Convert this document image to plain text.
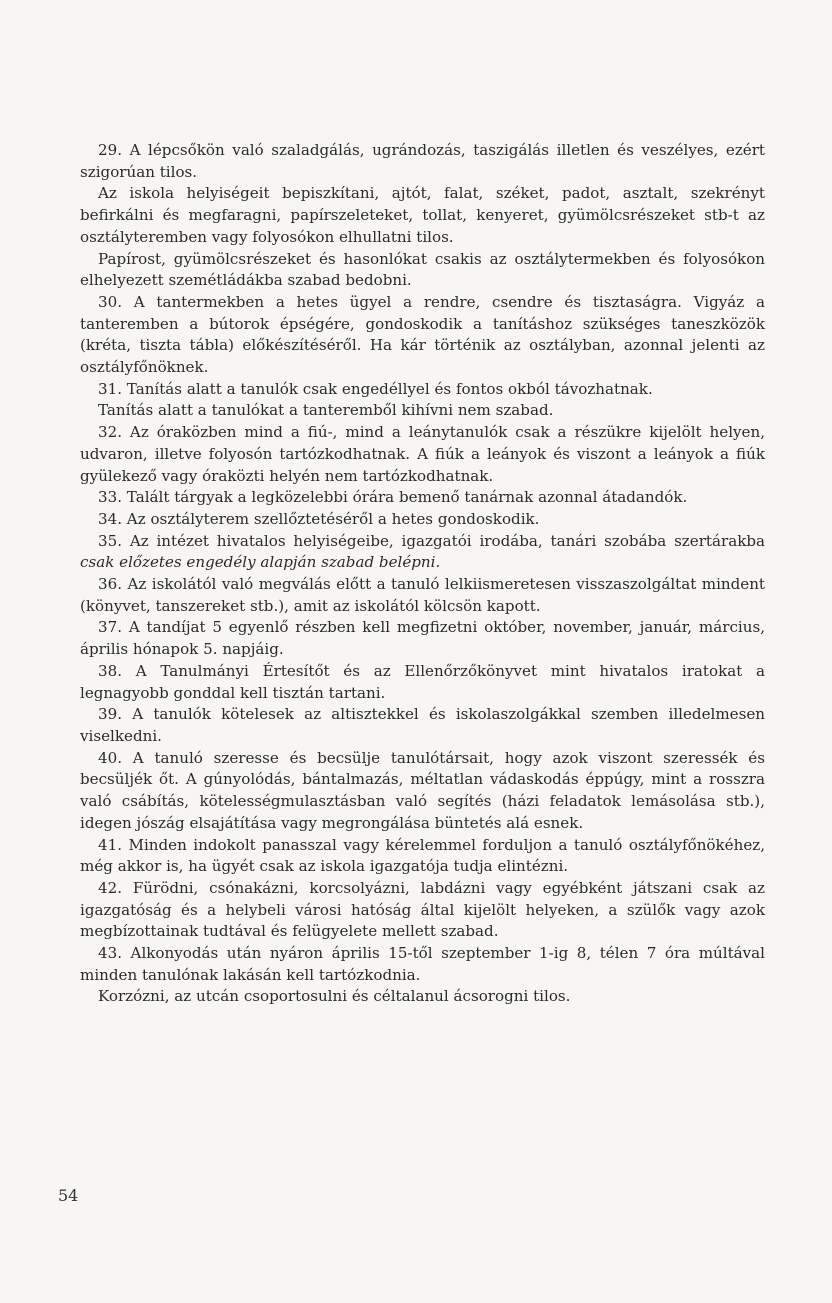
29. A lépcsőkön való szaladgálás, ugrándozás, taszigálás illetlen és veszélyes, ezért szigorúan tilos.

Az iskola helyiségeit bepiszkítani, ajtót, falat, széket, padot, asztalt, szekrényt befirkálni és megfaragni, papírszeleteket, tollat, kenyeret, gyümölcsrészeket stb-t az osztályteremben vagy folyosókon elhullatni tilos.

Papírost, gyümölcsrészeket és hasonlókat csakis az osztálytermekben és folyosókon elhelyezett szemétládákba szabad bedobni.

30. A tantermekben a hetes ügyel a rendre, csendre és tisztaságra. Vigyáz a tanteremben a bútorok épségére, gondoskodik a tanításhoz szükséges taneszközök (kréta, tiszta tábla) előkészítéséről. Ha kár történik az osztályban, azonnal jelenti az osztályfőnöknek.

31. Tanítás alatt a tanulók csak engedéllyel és fontos okból távozhatnak.

Tanítás alatt a tanulókat a tanteremből kihívni nem szabad.

32. Az óraközben mind a fiú-, mind a leánytanulók csak a részükre kijelölt helyen, udvaron, illetve folyosón tartózkodhatnak. A fiúk a leányok és viszont a leányok a fiúk gyülekező vagy óraközti helyén nem tartózkodhatnak.

33. Talált tárgyak a legközelebbi órára bemenő tanárnak azonnal átadandók.

34. Az osztályterem szellőztetéséről a hetes gondoskodik.

35. Az intézet hivatalos helyiségeibe, igazgatói irodába, tanári szobába szertárakba csak előzetes engedély alapján szabad belépni.

36. Az iskolától való megválás előtt a tanuló lelkiismeretesen visszaszolgáltat mindent (könyvet, tanszereket stb.), amit az iskolától kölcsön kapott.

37. A tandíjat 5 egyenlő részben kell megfizetni október, november, január, március, április hónapok 5. napjáig.

38. A Tanulmányi Értesítőt és az Ellenőrzőkönyvet mint hivatalos iratokat a legnagyobb gonddal kell tisztán tartani.

39. A tanulók kötelesek az altisztekkel és iskolaszolgákkal szemben illedelmesen viselkedni.

40. A tanuló szeresse és becsülje tanulótársait, hogy azok viszont szeressék és becsüljék őt. A gúnyolódás, bántalmazás, méltatlan vádaskodás éppúgy, mint a rosszra való csábítás, kötelességmulasztásban való segítés (házi feladatok lemásolása stb.), idegen jószág elsajátítása vagy megrongálása büntetés alá esnek.

41. Minden indokolt panasszal vagy kérelemmel forduljon a tanuló osztályfőnökéhez, még akkor is, ha ügyét csak az iskola igazgatója tudja elintézni.

42. Fürödni, csónakázni, korcsolyázni, labdázni vagy egyébként játszani csak az igazgatóság és a helybeli városi hatóság által kijelölt helyeken, a szülők vagy azok megbízottainak tudtával és felügyelete mellett szabad.

43. Alkonyodás után nyáron április 15-től szeptember 1-ig 8, télen 7 óra múltával minden tanulónak lakásán kell tartózkodnia.

Korzózni, az utcán csoportosulni és céltalanul ácsorogni tilos.

54
